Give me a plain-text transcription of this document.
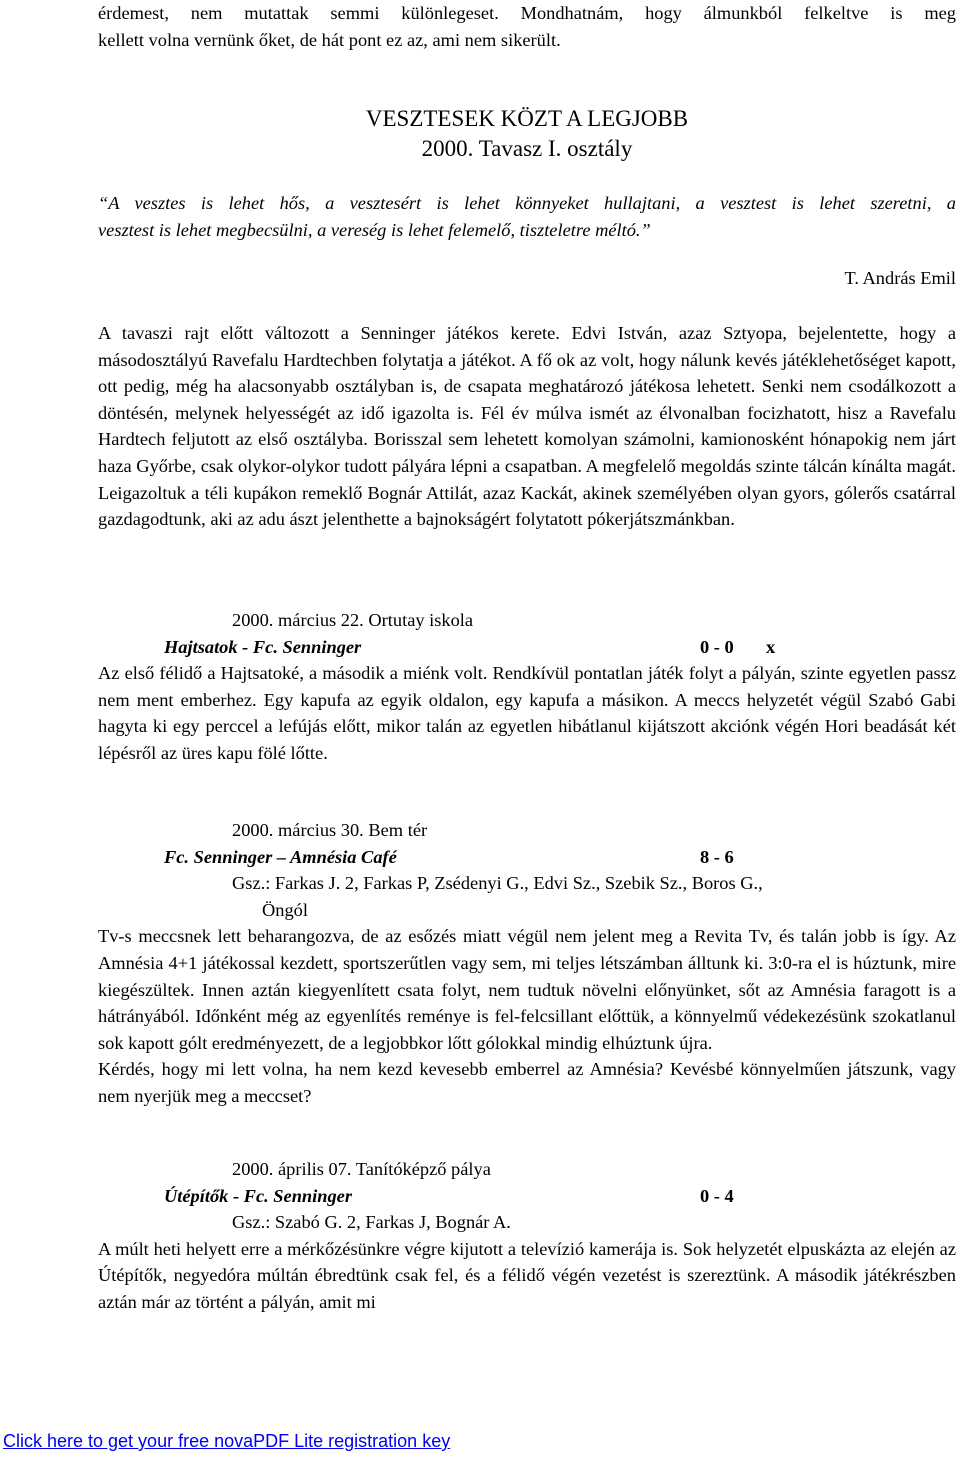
érdemest, nem mutattak semmi különlegeset. Mondhatnám, hogy álmunkból felkeltve is meg

kellett volna vernünk őket, de hát pont ez az, ami nem sikerült.

VESZTESEK KÖZT A LEGJOBB

2000. Tavasz I. osztály

“A vesztes is lehet hős, a vesztesért is lehet könnyeket hullajtani, a vesztest is lehet szeretni, a

vesztest is lehet megbecsülni, a vereség is lehet felemelő, tiszteletre méltó.”

T. András Emil

A tavaszi rajt előtt változott a Senninger játékos kerete. Edvi István, azaz Sztyopa, bejelentette, hogy a másodosztályú Ravefalu Hardtechben folytatja a játékot. A fő ok az volt, hogy nálunk kevés játéklehetőséget kapott, ott pedig, még ha alacsonyabb osztályban is, de csapata meghatározó játékosa lehetett. Senki nem csodálkozott a döntésén, melynek helyességét az idő igazolta is. Fél év múlva ismét az élvonalban focizhatott, hisz a Ravefalu Hardtech feljutott az első osztályba. Borisszal sem lehetett komolyan számolni, kamionosként hónapokig nem járt haza Győrbe, csak olykor-olykor tudott pályára lépni a csapatban. A megfelelő megoldás szinte tálcán kínálta magát. Leigazoltuk a téli kupákon remeklő Bognár Attilát, azaz Kackát, akinek személyében olyan gyors, gólerős csatárral gazdagodtunk, aki az adu ászt jelenthette a bajnokságért folytatott pókerjátszmánkban.

2000. március 22. Ortutay iskola
Hajtsatok - Fc. Senninger	0 - 0 x

Az első félidő a Hajtsatoké, a második a miénk volt. Rendkívül pontatlan játék folyt a pályán, szinte egyetlen passz nem ment emberhez. Egy kapufa az egyik oldalon, egy kapufa a másikon. A meccs helyzetét végül Szabó Gabi hagyta ki egy perccel a lefújás előtt, mikor talán az egyetlen hibátlanul kijátszott akciónk végén Hori beadását két lépésről az üres kapu fölé lőtte.

2000. március 30. Bem tér
Fc. Senninger – Amnésia Café	8 - 6
Gsz.: Farkas J. 2, Farkas P, Zsédenyi G., Edvi Sz., Szebik Sz., Boros G.,
Öngól

Tv-s meccsnek lett beharangozva, de az esőzés miatt végül nem jelent meg a Revita Tv, és talán jobb is így. Az Amnésia 4+1 játékossal kezdett, sportszerűtlen vagy sem, mi teljes létszámban álltunk ki. 3:0-ra el is húztunk, mire kiegészültek. Innen aztán kiegyenlített csata folyt, nem tudtuk növelni előnyünket, sőt az Amnésia faragott is a hátrányából. Időnként még az egyenlítés reménye is fel-felcsillant előttük, a könnyelmű védekezésünk szokatlanul sok kapott gólt eredményezett, de a legjobbkor lőtt gólokkal mindig elhúztunk újra.

Kérdés, hogy mi lett volna, ha nem kezd kevesebb emberrel az Amnésia? Kevésbé könnyelműen játszunk, vagy nem nyerjük meg a meccset?

2000. április 07. Tanítóképző pálya
Útépítők - Fc. Senninger	0 - 4
Gsz.: Szabó G. 2, Farkas J, Bognár A.

A múlt heti helyett erre a mérkőzésünkre végre kijutott a televízió kamerája is. Sok helyzetét elpuskázta az elején az Útépítők, negyedóra múltán ébredtünk csak fel, és a félidő végén vezetést is szereztünk. A második játékrészben aztán már az történt a pályán, amit mi

Click here to get your free novaPDF Lite registration key
